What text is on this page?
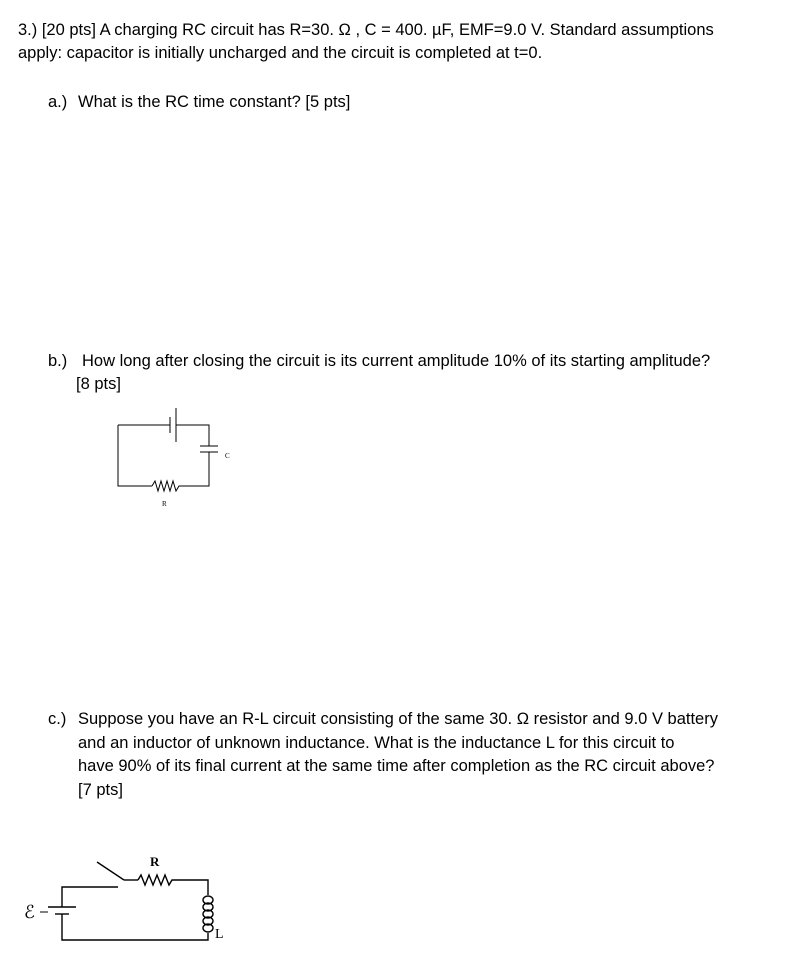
3.) [20 pts] A charging RC circuit has R=30. Ω , C = 400. µF, EMF=9.0 V. Standard assumptions

apply: capacitor is initially uncharged and the circuit is completed at t=0.

a.) What is the RC time constant? [5 pts]
b.) How long after closing the circuit is its current amplitude 10% of its starting amplitude?
[8 pts]
C
R
c.) Suppose you have an R-L circuit consisting of the same 30. Ω resistor and 9.0 V battery
and an inductor of unknown inductance. What is the inductance L for this circuit to
have 90% of its final current at the same time after completion as the RC circuit above?
[7 pts]
R
ℰ
L
